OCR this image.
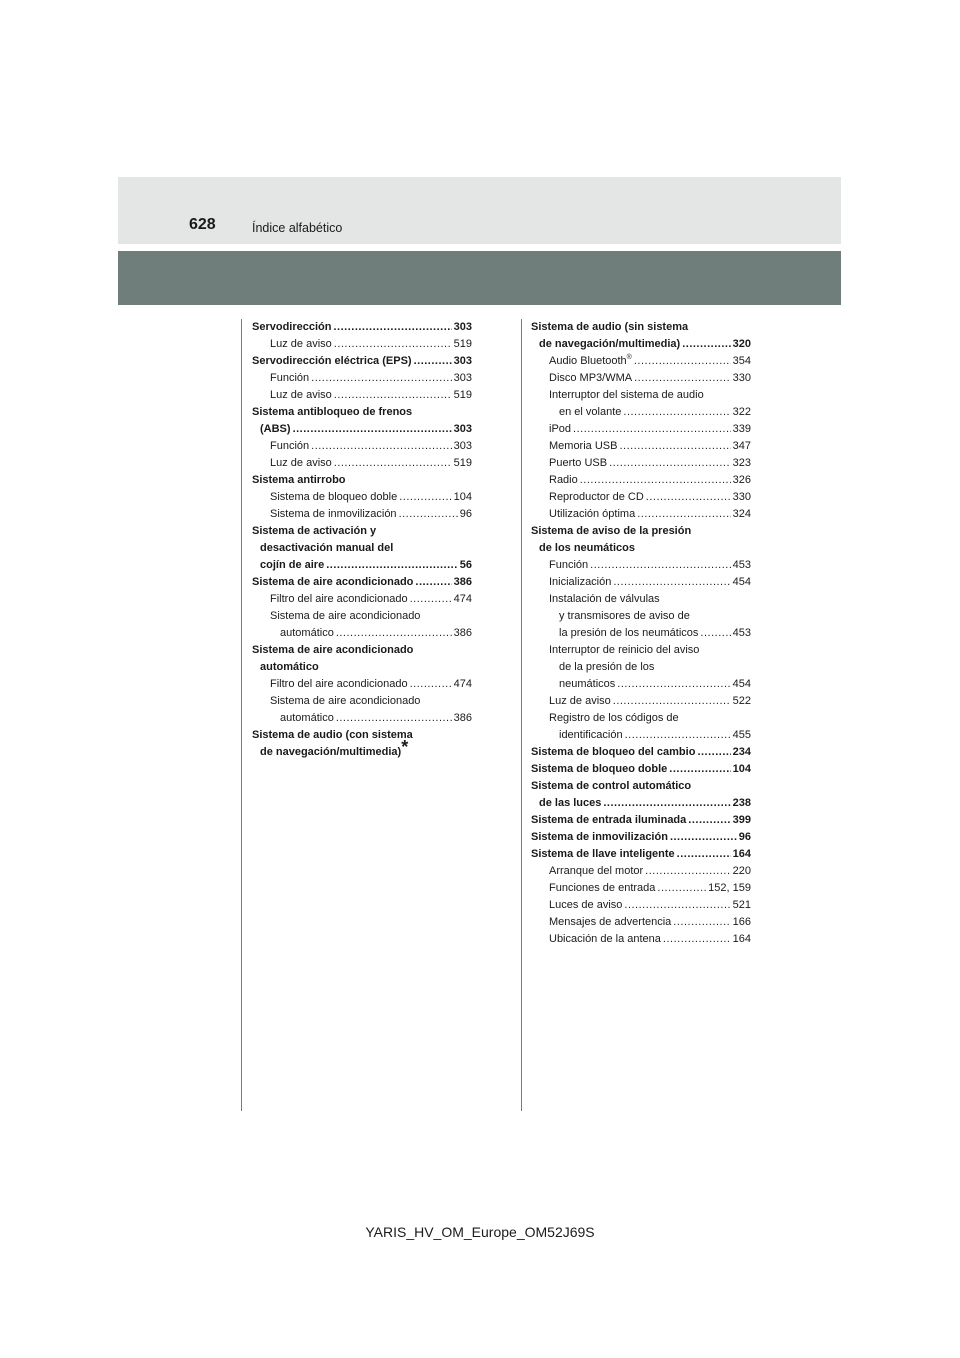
628	Índice alfabético
Servodirección .....	303
Luz de aviso .....	519
Servodirección eléctrica (EPS) .....	303
Función .....	303
Luz de aviso .....	519
Sistema antibloqueo de frenos
(ABS) .....	303
Función .....	303
Luz de aviso .....	519
Sistema antirrobo
Sistema de bloqueo doble .....	104
Sistema de inmovilización .....	96
Sistema de activación y
desactivación manual del
cojín de aire .....	56
Sistema de aire acondicionado .....	386
Filtro del aire acondicionado .....	474
Sistema de aire acondicionado
automático .....	386
Sistema de aire acondicionado
automático
Filtro del aire acondicionado .....	474
Sistema de aire acondicionado
automático .....	386
Sistema de audio (con sistema
de navegación/multimedia)*
Sistema de audio (sin sistema
de navegación/multimedia) .....	320
Audio Bluetooth® .....	354
Disco MP3/WMA .....	330
Interruptor del sistema de audio
en el volante .....	322
iPod .....	339
Memoria USB .....	347
Puerto USB .....	323
Radio .....	326
Reproductor de CD .....	330
Utilización óptima .....	324
Sistema de aviso de la presión
de los neumáticos
Función .....	453
Inicialización .....	454
Instalación de válvulas
y transmisores de aviso de
la presión de los neumáticos .....	453
Interruptor de reinicio del aviso
de la presión de los
neumáticos .....	454
Luz de aviso .....	522
Registro de los códigos de
identificación .....	455
Sistema de bloqueo del cambio .....	234
Sistema de bloqueo doble .....	104
Sistema de control automático
de las luces .....	238
Sistema de entrada iluminada .....	399
Sistema de inmovilización .....	96
Sistema de llave inteligente .....	164
Arranque del motor .....	220
Funciones de entrada .....	152, 159
Luces de aviso .....	521
Mensajes de advertencia .....	166
Ubicación de la antena .....	164
YARIS_HV_OM_Europe_OM52J69S
